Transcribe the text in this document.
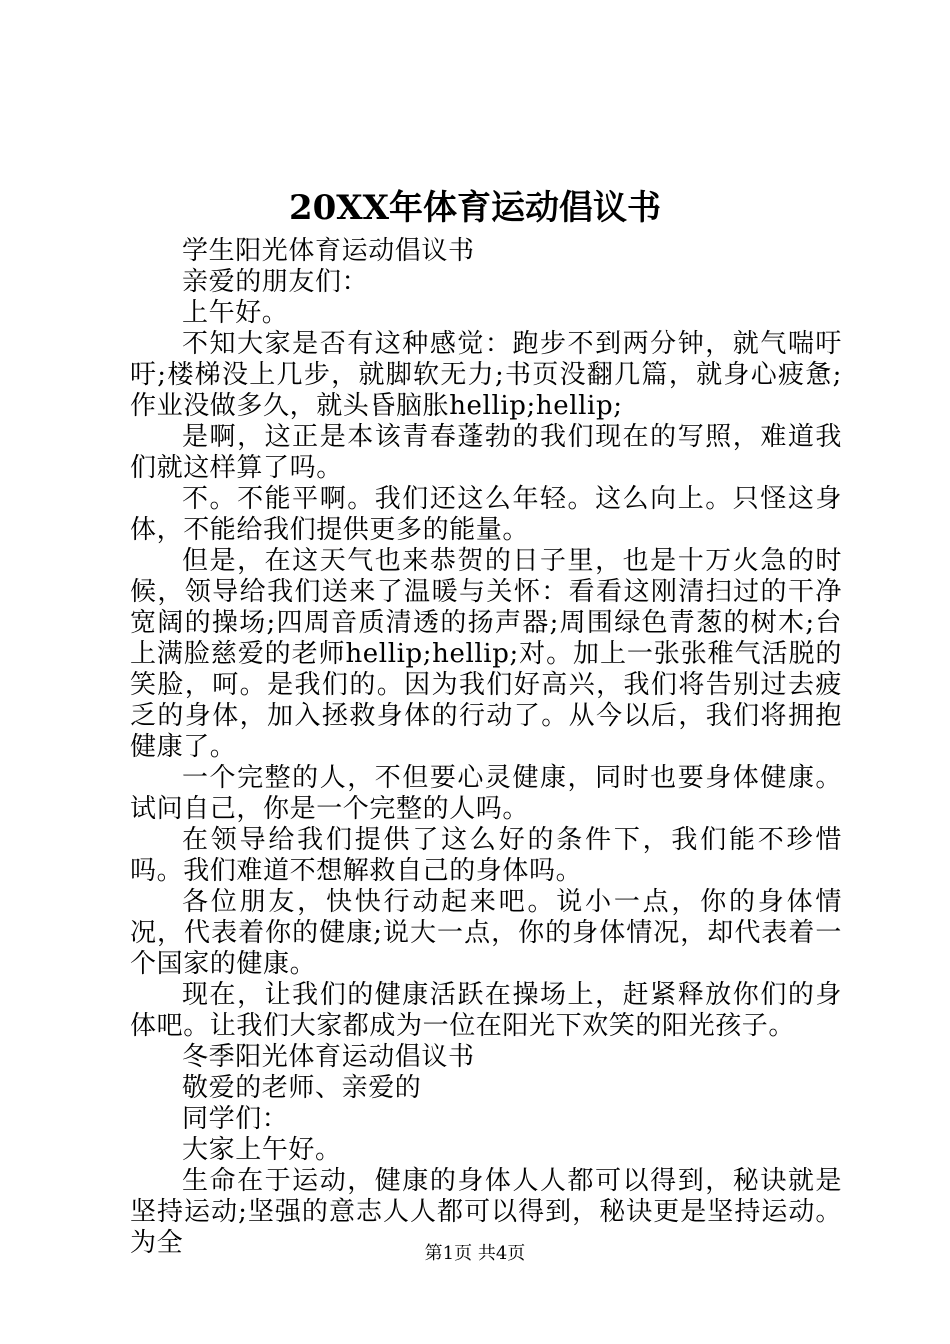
20XX年体育运动倡议书

学生阳光体育运动倡议书

亲爱的朋友们：

上午好。

不知大家是否有这种感觉：跑步不到两分钟，就气喘吁吁;楼梯没上几步，就脚软无力;书页没翻几篇，就身心疲惫;作业没做多久，就头昏脑胀hellip;hellip;

是啊，这正是本该青春蓬勃的我们现在的写照，难道我们就这样算了吗。

不。不能平啊。我们还这么年轻。这么向上。只怪这身体，不能给我们提供更多的能量。

但是，在这天气也来恭贺的日子里，也是十万火急的时候，领导给我们送来了温暖与关怀：看看这刚清扫过的干净宽阔的操场;四周音质清透的扬声器;周围绿色青葱的树木;台上满脸慈爱的老师hellip;hellip;对。加上一张张稚气活脱的笑脸，呵。是我们的。因为我们好高兴，我们将告别过去疲乏的身体，加入拯救身体的行动了。从今以后，我们将拥抱健康了。

一个完整的人，不但要心灵健康，同时也要身体健康。试问自己，你是一个完整的人吗。

在领导给我们提供了这么好的条件下，我们能不珍惜吗。我们难道不想解救自己的身体吗。

各位朋友，快快行动起来吧。说小一点，你的身体情况，代表着你的健康;说大一点，你的身体情况，却代表着一个国家的健康。

现在，让我们的健康活跃在操场上，赶紧释放你们的身体吧。让我们大家都成为一位在阳光下欢笑的阳光孩子。

冬季阳光体育运动倡议书

敬爱的老师、亲爱的

同学们：

大家上午好。

生命在于运动，健康的身体人人都可以得到，秘诀就是坚持运动;坚强的意志人人都可以得到，秘诀更是坚持运动。为全	第1页 共4页
